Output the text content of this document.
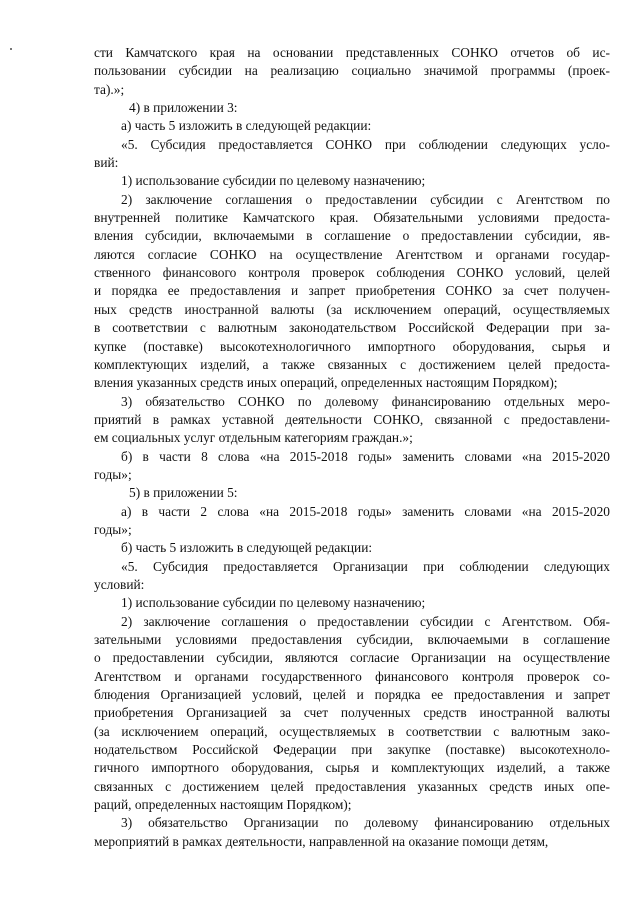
сти Камчатского края на основании представленных СОНКО отчетов об ис-
пользовании субсидии на реализацию социально значимой программы (проек-
та).»;

4) в приложении 3:

а) часть 5 изложить в следующей редакции:

«5. Субсидия предоставляется СОНКО при соблюдении следующих усло-
вий:

1) использование субсидии по целевому назначению;

2) заключение соглашения о предоставлении субсидии с Агентством по
внутренней политике Камчатского края. Обязательными условиями предоста-
вления субсидии, включаемыми в соглашение о предоставлении субсидии, яв-
ляются согласие СОНКО на осуществление Агентством и органами государ-
ственного финансового контроля проверок соблюдения СОНКО условий, целей
и порядка ее предоставления и запрет приобретения СОНКО за счет получен-
ных средств иностранной валюты (за исключением операций, осуществляемых
в соответствии с валютным законодательством Российской Федерации при за-
купке (поставке) высокотехнологичного импортного оборудования, сырья и
комплектующих изделий, а также связанных с достижением целей предоста-
вления указанных средств иных операций, определенных настоящим Порядком);

3) обязательство СОНКО по долевому финансированию отдельных меро-
приятий в рамках уставной деятельности СОНКО, связанной с предоставлени-
ем социальных услуг отдельным категориям граждан.»;

б) в части 8 слова «на 2015-2018 годы» заменить словами «на 2015-2020
годы»;

5) в приложении 5:

а) в части 2 слова «на 2015-2018 годы» заменить словами «на 2015-2020
годы»;

б) часть 5 изложить в следующей редакции:

«5. Субсидия предоставляется Организации при соблюдении следующих
условий:

1) использование субсидии по целевому назначению;

2) заключение соглашения о предоставлении субсидии с Агентством. Обя-
зательными условиями предоставления субсидии, включаемыми в соглашение
о предоставлении субсидии, являются согласие Организации на осуществление
Агентством и органами государственного финансового контроля проверок со-
блюдения Организацией условий, целей и порядка ее предоставления и запрет
приобретения Организацией за счет полученных средств иностранной валюты
(за исключением операций, осуществляемых в соответствии с валютным зако-
нодательством Российской Федерации при закупке (поставке) высокотехноло-
гичного импортного оборудования, сырья и комплектующих изделий, а также
связанных с достижением целей предоставления указанных средств иных опе-
раций, определенных настоящим Порядком);

3) обязательство Организации по долевому финансированию отдельных
мероприятий в рамках деятельности, направленной на оказание помощи детям,
